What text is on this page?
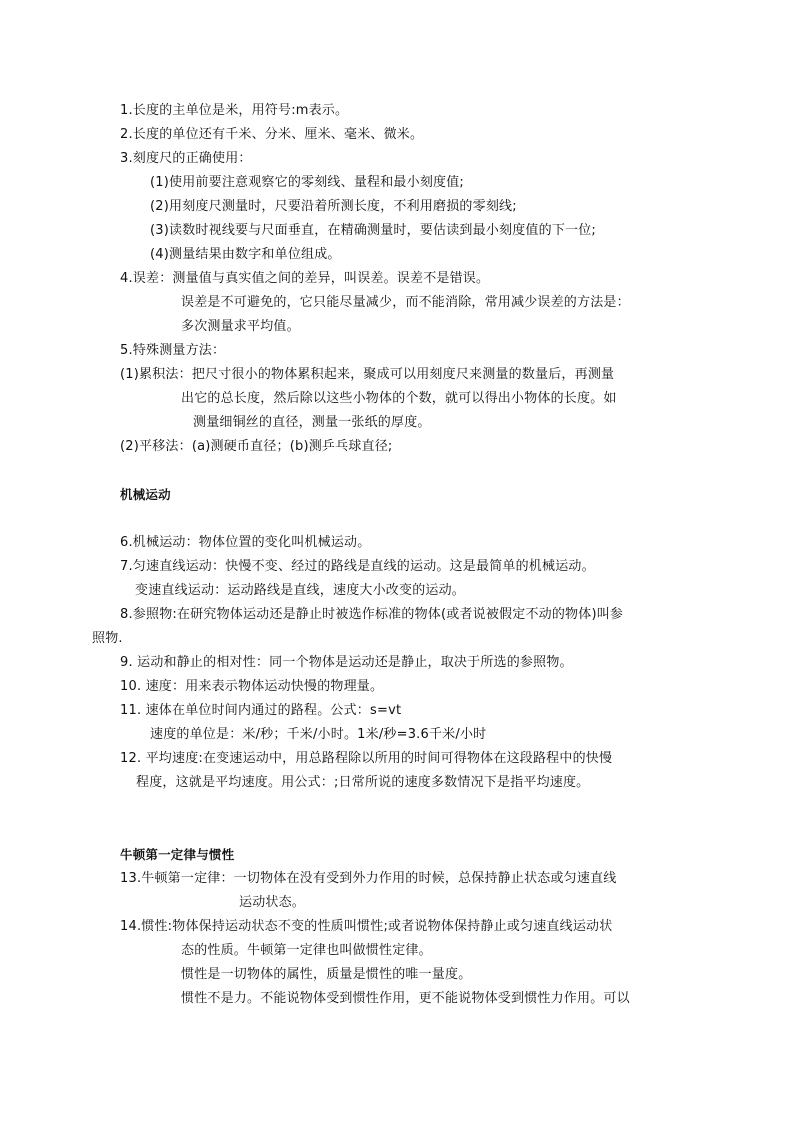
1.长度的主单位是米，用符号:m表示。
2.长度的单位还有千米、分米、厘米、毫米、微米。
3.刻度尺的正确使用：
(1)使用前要注意观察它的零刻线、量程和最小刻度值;
(2)用刻度尺测量时，尺要沿着所测长度，不利用磨损的零刻线;
(3)读数时视线要与尺面垂直，在精确测量时，要估读到最小刻度值的下一位;
(4)测量结果由数字和单位组成。
4.误差：测量值与真实值之间的差异，叫误差。误差不是错误。
误差是不可避免的，它只能尽量减少，而不能消除，常用减少误差的方法是：
多次测量求平均值。
5.特殊测量方法：
(1)累积法：把尺寸很小的物体累积起来，聚成可以用刻度尺来测量的数量后，再测量
出它的总长度，然后除以这些小物体的个数，就可以得出小物体的长度。如
测量细铜丝的直径，测量一张纸的厚度。
(2)平移法：(a)测硬币直径；(b)测乒乓球直径;
机械运动
6.机械运动：物体位置的变化叫机械运动。
7.匀速直线运动：快慢不变、经过的路线是直线的运动。这是最简单的机械运动。
变速直线运动：运动路线是直线，速度大小改变的运动。
8.参照物:在研究物体运动还是静止时被选作标准的物体(或者说被假定不动的物体)叫参
照物.
9. 运动和静止的相对性：同一个物体是运动还是静止，取决于所选的参照物。
10. 速度：用来表示物体运动快慢的物理量。
11. 速体在单位时间内通过的路程。公式：s=vt
速度的单位是：米/秒；千米/小时。1米/秒=3.6千米/小时
12. 平均速度:在变速运动中，用总路程除以所用的时间可得物体在这段路程中的快慢
程度，这就是平均速度。用公式：;日常所说的速度多数情况下是指平均速度。
牛顿第一定律与惯性
13.牛顿第一定律：一切物体在没有受到外力作用的时候，总保持静止状态或匀速直线
运动状态。
14.惯性:物体保持运动状态不变的性质叫惯性;或者说物体保持静止或匀速直线运动状
态的性质。牛顿第一定律也叫做惯性定律。
惯性是一切物体的属性，质量是惯性的唯一量度。
惯性不是力。不能说物体受到惯性作用，更不能说物体受到惯性力作用。可以
